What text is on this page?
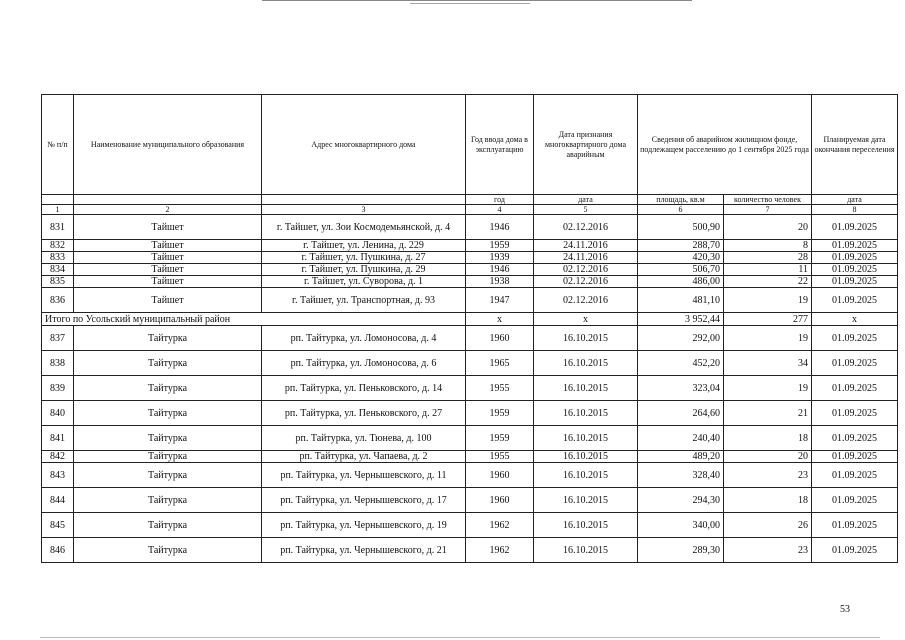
№ п/п	Наименование муниципального образования	Адрес многоквартирного дома	Год ввода дома в эксплуатацию	Дата признания многоквартирного дома аварийным	Сведения об аварийном жилищном фонде, подлежащем расселению до 1 сентября 2025 года		Планируемая дата окончания переселения
			год	дата	площадь, кв.м	количество человек	дата
1	2	3	4	5	6	7	8
831	Тайшет	г. Тайшет, ул. Зои Космодемьянской, д. 4	1946	02.12.2016	500,90	20	01.09.2025
832	Тайшет	г. Тайшет, ул. Ленина, д. 229	1959	24.11.2016	288,70	8	01.09.2025
833	Тайшет	г. Тайшет, ул. Пушкина, д. 27	1939	24.11.2016	420,30	28	01.09.2025
834	Тайшет	г. Тайшет, ул. Пушкина, д. 29	1946	02.12.2016	506,70	11	01.09.2025
835	Тайшет	г. Тайшет, ул. Суворова, д. 1	1938	02.12.2016	486,00	22	01.09.2025
836	Тайшет	г. Тайшет, ул. Транспортная, д. 93	1947	02.12.2016	481,10	19	01.09.2025
Итого по Усольский муниципальный район			x	x	3 952,44	277	x
837	Тайтурка	рп. Тайтурка, ул. Ломоносова, д. 4	1960	16.10.2015	292,00	19	01.09.2025
838	Тайтурка	рп. Тайтурка, ул. Ломоносова, д. 6	1965	16.10.2015	452,20	34	01.09.2025
839	Тайтурка	рп. Тайтурка, ул. Пеньковского, д. 14	1955	16.10.2015	323,04	19	01.09.2025
840	Тайтурка	рп. Тайтурка, ул. Пеньковского, д. 27	1959	16.10.2015	264,60	21	01.09.2025
841	Тайтурка	рп. Тайтурка, ул. Тюнева, д. 100	1959	16.10.2015	240,40	18	01.09.2025
842	Тайтурка	рп. Тайтурка, ул. Чапаева, д. 2	1955	16.10.2015	489,20	20	01.09.2025
843	Тайтурка	рп. Тайтурка, ул. Чернышевского, д. 11	1960	16.10.2015	328,40	23	01.09.2025
844	Тайтурка	рп. Тайтурка, ул. Чернышевского, д. 17	1960	16.10.2015	294,30	18	01.09.2025
845	Тайтурка	рп. Тайтурка, ул. Чернышевского, д. 19	1962	16.10.2015	340,00	26	01.09.2025
846	Тайтурка	рп. Тайтурка, ул. Чернышевского, д. 21	1962	16.10.2015	289,30	23	01.09.2025
53
